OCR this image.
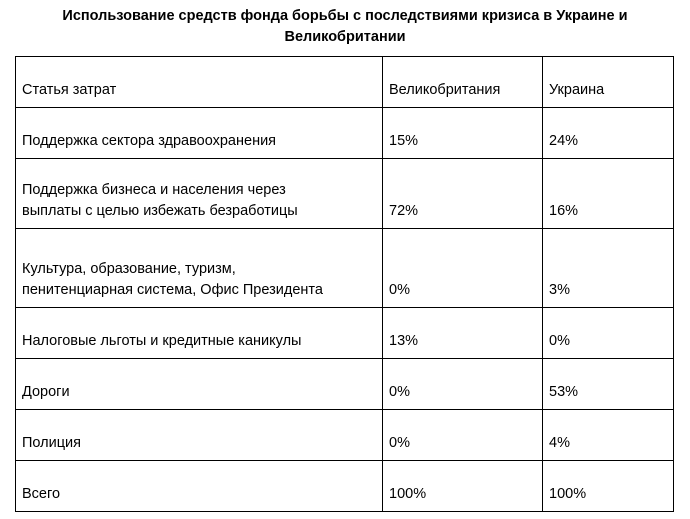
Использование средств фонда борьбы с последствиями кризиса в Украине и
Великобритании
Статья затрат	Великобритания	Украина

Поддержка сектора здравоохранения	15%	24%

Поддержка бизнеса и населения через
выплаты с целью избежать безработицы	72%	16%

Культура, образование, туризм,
пенитенциарная система, Офис Президента	0%	3%

Налоговые льготы и кредитные каникулы	13%	0%

Дороги	0%	53%

Полиция	0%	4%

Всего	100%	100%
